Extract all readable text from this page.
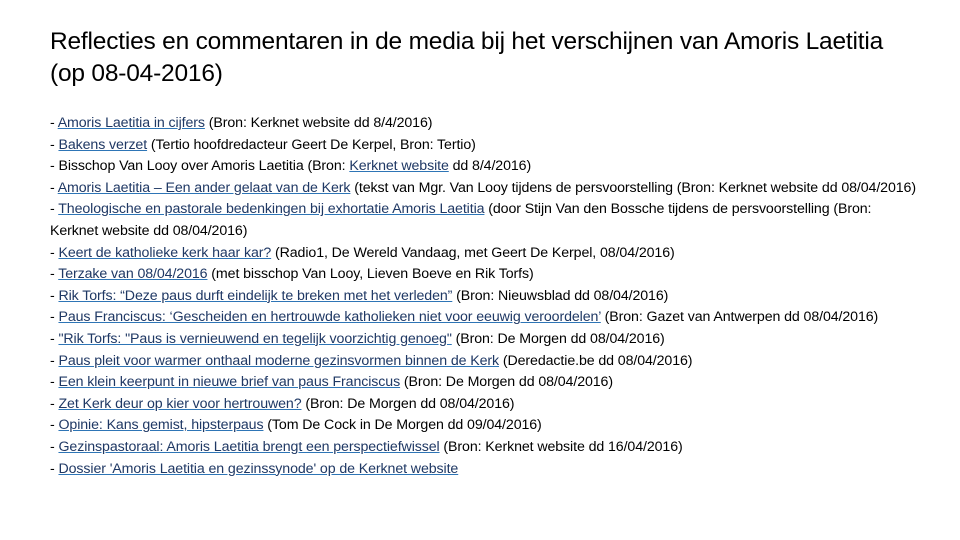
Reflecties en commentaren in de media bij het verschijnen van Amoris Laetitia (op 08-04-2016)
- Amoris Laetitia in cijfers (Bron: Kerknet website dd 8/4/2016)
- Bakens verzet (Tertio hoofdredacteur Geert De Kerpel, Bron: Tertio)
- Bisschop Van Looy over Amoris Laetitia (Bron: Kerknet website dd 8/4/2016)
- Amoris Laetitia – Een ander gelaat van de Kerk (tekst van Mgr. Van Looy tijdens de persvoorstelling (Bron: Kerknet website dd 08/04/2016)
- Theologische en pastorale bedenkingen bij exhortatie Amoris Laetitia (door Stijn Van den Bossche tijdens de persvoorstelling (Bron: Kerknet website dd 08/04/2016)
- Keert de katholieke kerk haar kar? (Radio1, De Wereld Vandaag, met Geert De Kerpel, 08/04/2016)
- Terzake van 08/04/2016 (met bisschop Van Looy, Lieven Boeve en Rik Torfs)
- Rik Torfs: “Deze paus durft eindelijk te breken met het verleden” (Bron: Nieuwsblad dd 08/04/2016)
- Paus Franciscus: ‘Gescheiden en hertrouwde katholieken niet voor eeuwig veroordelen’ (Bron: Gazet van Antwerpen dd 08/04/2016)
- "Rik Torfs: "Paus is vernieuwend en tegelijk voorzichtig genoeg" (Bron: De Morgen dd 08/04/2016)
- Paus pleit voor warmer onthaal moderne gezinsvormen binnen de Kerk (Deredactie.be dd 08/04/2016)
- Een klein keerpunt in nieuwe brief van paus Franciscus (Bron: De Morgen dd 08/04/2016)
- Zet Kerk deur op kier voor hertrouwen? (Bron: De Morgen dd 08/04/2016)
- Opinie: Kans gemist, hipsterpaus (Tom De Cock in De Morgen dd 09/04/2016)
- Gezinspastoraal: Amoris Laetitia brengt een perspectiefwissel (Bron: Kerknet website dd 16/04/2016)
- Dossier 'Amoris Laetitia en gezinssynode' op de Kerknet website
